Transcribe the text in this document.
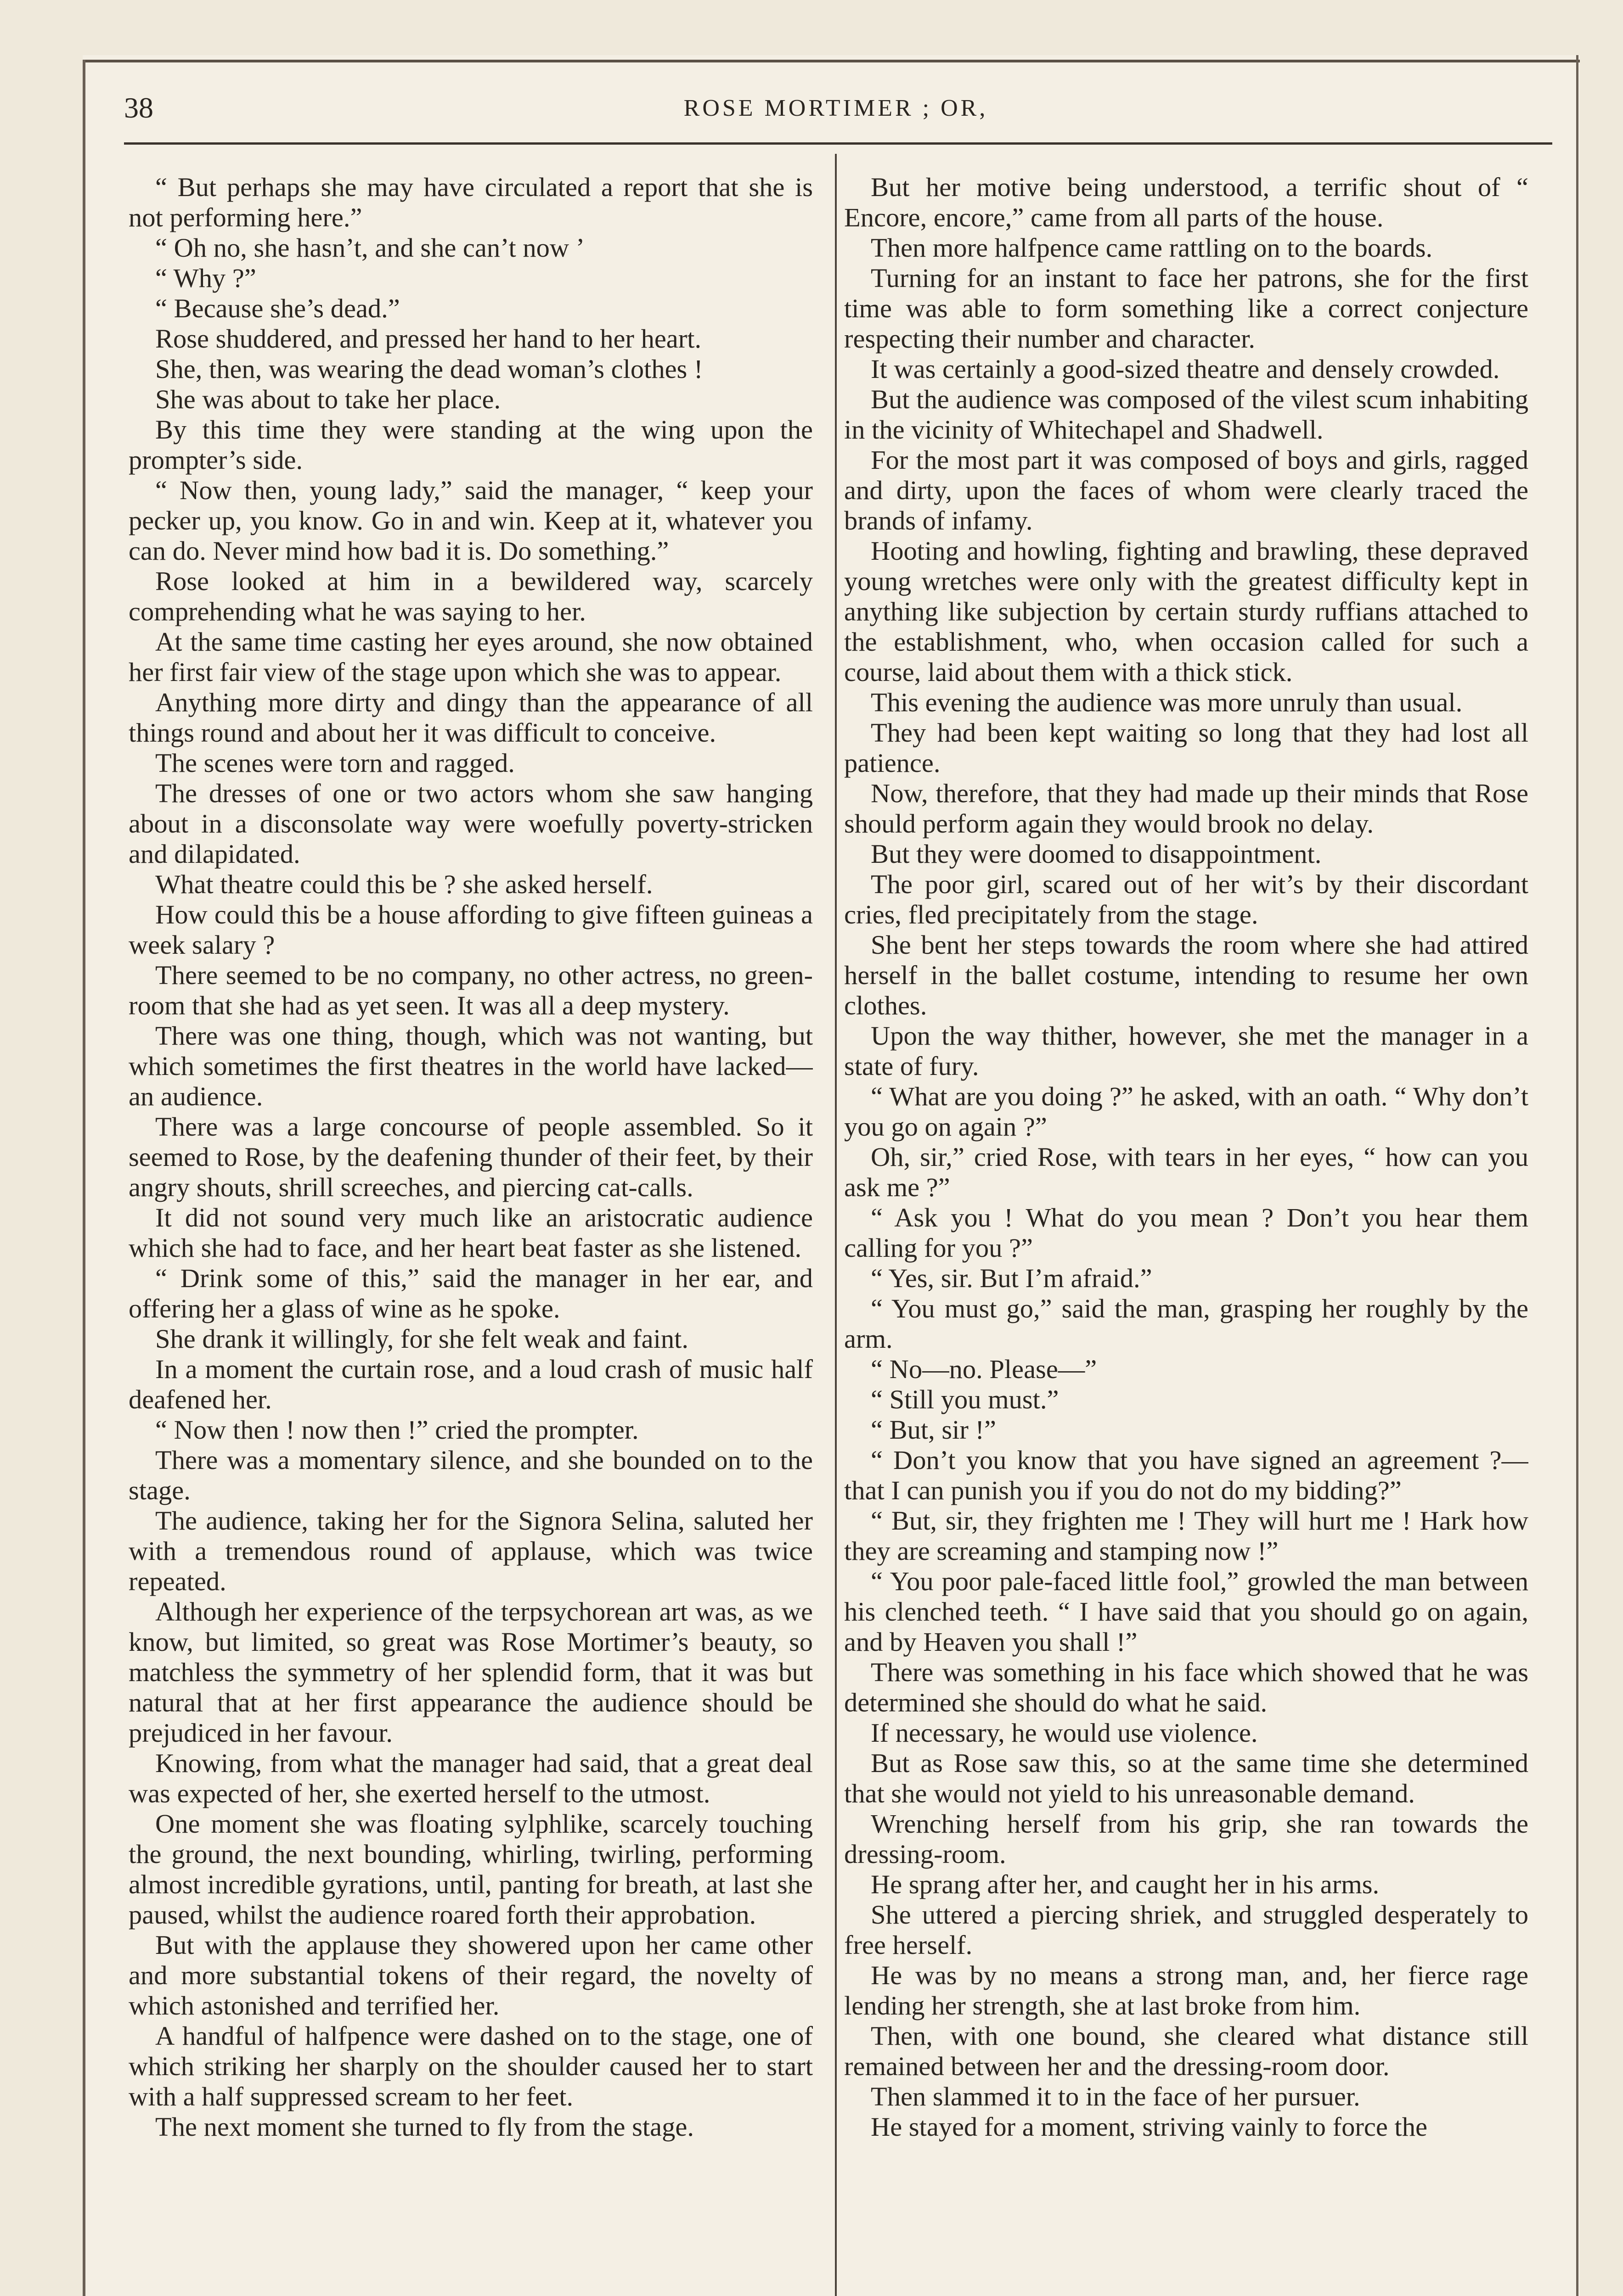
38	ROSE MORTIMER ; OR,

“ But perhaps she may have circulated a report that she is not performing here.”

“ Oh no, she hasn’t, and she can’t now ’

“ Why ?”

“ Because she’s dead.”

Rose shuddered, and pressed her hand to her heart.

She, then, was wearing the dead woman’s clothes !

She was about to take her place.

By this time they were standing at the wing upon the prompter’s side.

“ Now then, young lady,” said the manager, “ keep your pecker up, you know. Go in and win. Keep at it, whatever you can do. Never mind how bad it is. Do something.”

Rose looked at him in a bewildered way, scarcely comprehending what he was saying to her.

At the same time casting her eyes around, she now obtained her first fair view of the stage upon which she was to appear.

Anything more dirty and dingy than the appearance of all things round and about her it was difficult to conceive.

The scenes were torn and ragged.

The dresses of one or two actors whom she saw hanging about in a disconsolate way were woefully poverty-stricken and dilapidated.

What theatre could this be ? she asked herself.

How could this be a house affording to give fifteen guineas a week salary ?

There seemed to be no company, no other actress, no green-room that she had as yet seen. It was all a deep mystery.

There was one thing, though, which was not wanting, but which sometimes the first theatres in the world have lacked—an audience.

There was a large concourse of people assembled. So it seemed to Rose, by the deafening thunder of their feet, by their angry shouts, shrill screeches, and piercing cat-calls.

It did not sound very much like an aristocratic audience which she had to face, and her heart beat faster as she listened.

“ Drink some of this,” said the manager in her ear, and offering her a glass of wine as he spoke.

She drank it willingly, for she felt weak and faint.

In a moment the curtain rose, and a loud crash of music half deafened her.

“ Now then ! now then !” cried the prompter.

There was a momentary silence, and she bounded on to the stage.

The audience, taking her for the Signora Selina, saluted her with a tremendous round of applause, which was twice repeated.

Although her experience of the terpsychorean art was, as we know, but limited, so great was Rose Mortimer’s beauty, so matchless the symmetry of her splendid form, that it was but natural that at her first appearance the audience should be prejudiced in her favour.

Knowing, from what the manager had said, that a great deal was expected of her, she exerted herself to the utmost.

One moment she was floating sylphlike, scarcely touching the ground, the next bounding, whirling, twirling, performing almost incredible gyrations, until, panting for breath, at last she paused, whilst the audience roared forth their approbation.

But with the applause they showered upon her came other and more substantial tokens of their regard, the novelty of which astonished and terrified her.

A handful of halfpence were dashed on to the stage, one of which striking her sharply on the shoulder caused her to start with a half suppressed scream to her feet.

The next moment she turned to fly from the stage.

But her motive being understood, a terrific shout of “ Encore, encore,” came from all parts of the house.

Then more halfpence came rattling on to the boards.

Turning for an instant to face her patrons, she for the first time was able to form something like a correct conjecture respecting their number and character.

It was certainly a good-sized theatre and densely crowded.

But the audience was composed of the vilest scum inhabiting in the vicinity of Whitechapel and Shadwell.

For the most part it was composed of boys and girls, ragged and dirty, upon the faces of whom were clearly traced the brands of infamy.

Hooting and howling, fighting and brawling, these depraved young wretches were only with the greatest difficulty kept in anything like subjection by certain sturdy ruffians attached to the establishment, who, when occasion called for such a course, laid about them with a thick stick.

This evening the audience was more unruly than usual.

They had been kept waiting so long that they had lost all patience.

Now, therefore, that they had made up their minds that Rose should perform again they would brook no delay.

But they were doomed to disappointment.

The poor girl, scared out of her wit’s by their discordant cries, fled precipitately from the stage.

She bent her steps towards the room where she had attired herself in the ballet costume, intending to resume her own clothes.

Upon the way thither, however, she met the manager in a state of fury.

“ What are you doing ?” he asked, with an oath. “ Why don’t you go on again ?”

Oh, sir,” cried Rose, with tears in her eyes, “ how can you ask me ?”

“ Ask you ! What do you mean ? Don’t you hear them calling for you ?”

“ Yes, sir. But I’m afraid.”

“ You must go,” said the man, grasping her roughly by the arm.

“ No—no. Please—”

“ Still you must.”

“ But, sir !”

“ Don’t you know that you have signed an agreement ?—that I can punish you if you do not do my bidding?”

“ But, sir, they frighten me ! They will hurt me ! Hark how they are screaming and stamping now !”

“ You poor pale-faced little fool,” growled the man between his clenched teeth. “ I have said that you should go on again, and by Heaven you shall !”

There was something in his face which showed that he was determined she should do what he said.

If necessary, he would use violence.

But as Rose saw this, so at the same time she determined that she would not yield to his unreasonable demand.

Wrenching herself from his grip, she ran towards the dressing-room.

He sprang after her, and caught her in his arms.

She uttered a piercing shriek, and struggled desperately to free herself.

He was by no means a strong man, and, her fierce rage lending her strength, she at last broke from him.

Then, with one bound, she cleared what distance still remained between her and the dressing-room door.

Then slammed it to in the face of her pursuer.

He stayed for a moment, striving vainly to force the
